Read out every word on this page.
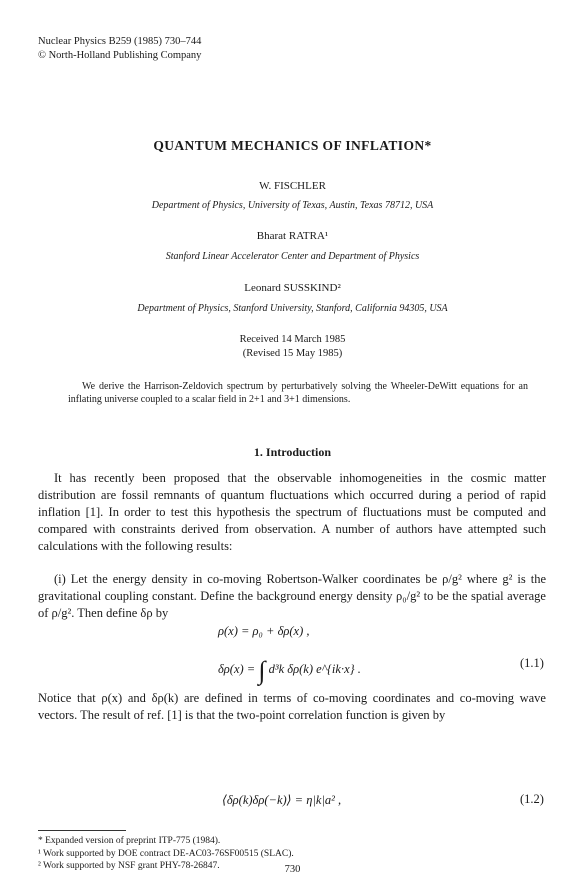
Nuclear Physics B259 (1985) 730–744
© North-Holland Publishing Company
QUANTUM MECHANICS OF INFLATION*
W. FISCHLER
Department of Physics, University of Texas, Austin, Texas 78712, USA
Bharat RATRA¹
Stanford Linear Accelerator Center and Department of Physics
Leonard SUSSKIND²
Department of Physics, Stanford University, Stanford, California 94305, USA
Received 14 March 1985
(Revised 15 May 1985)
We derive the Harrison-Zeldovich spectrum by perturbatively solving the Wheeler-DeWitt equations for an inflating universe coupled to a scalar field in 2+1 and 3+1 dimensions.
1. Introduction
It has recently been proposed that the observable inhomogeneities in the cosmic matter distribution are fossil remnants of quantum fluctuations which occurred during a period of rapid inflation [1]. In order to test this hypothesis the spectrum of fluctuations must be computed and compared with constraints derived from observation. A number of authors have attempted such calculations with the following results:
(i) Let the energy density in co-moving Robertson-Walker coordinates be ρ/g² where g² is the gravitational coupling constant. Define the background energy density ρ₀/g² to be the spatial average of ρ/g². Then define δρ by
ρ(x) = ρ₀ + δρ(x) ,
δρ(x) = ∫ d³k δρ(k) e^{ik·x} .	(1.1)
Notice that ρ(x) and δρ(k) are defined in terms of co-moving coordinates and co-moving wave vectors. The result of ref. [1] is that the two-point correlation function is given by
⟨δρ(k)δρ(−k)⟩ = η|k|a² ,	(1.2)
* Expanded version of preprint ITP-775 (1984).
¹ Work supported by DOE contract DE-AC03-76SF00515 (SLAC).
² Work supported by NSF grant PHY-78-26847.	730
